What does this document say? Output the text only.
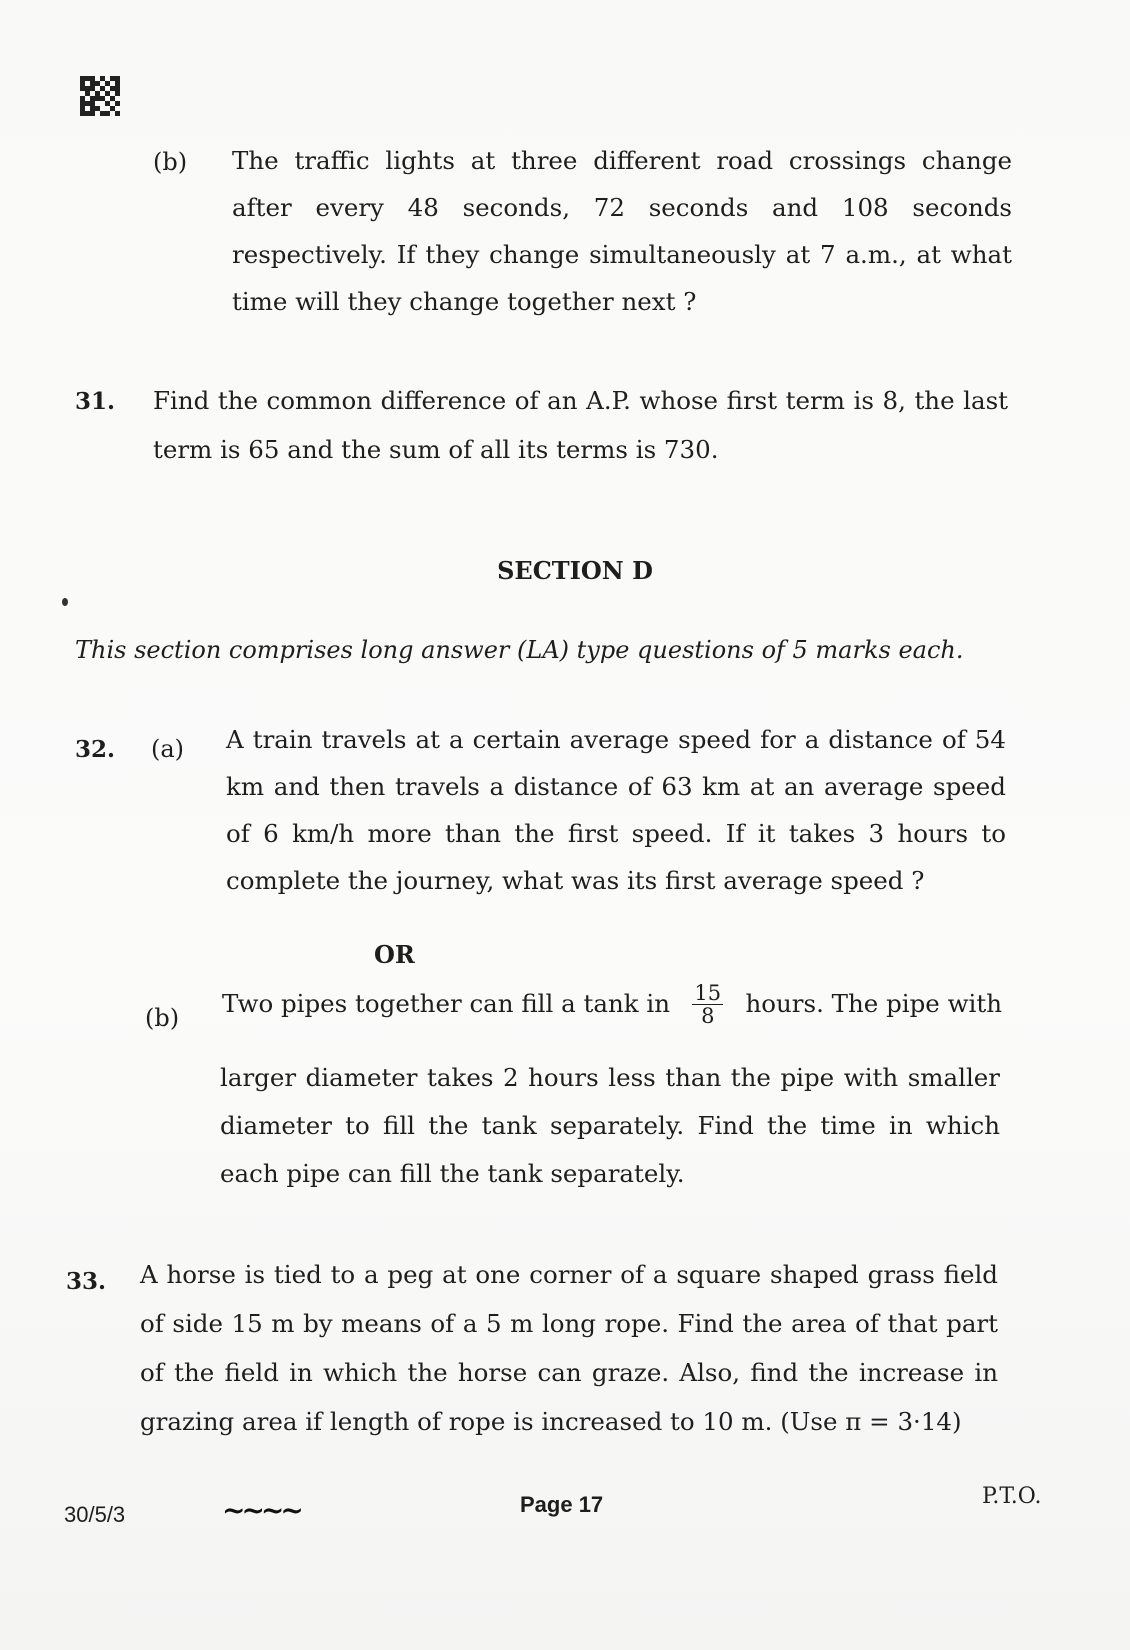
(b) The traffic lights at three different road crossings change after every 48 seconds, 72 seconds and 108 seconds respectively. If they change simultaneously at 7 a.m., at what time will they change together next ?
31. Find the common difference of an A.P. whose first term is 8, the last term is 65 and the sum of all its terms is 730.
SECTION D
This section comprises long answer (LA) type questions of 5 marks each.
32. (a) A train travels at a certain average speed for a distance of 54 km and then travels a distance of 63 km at an average speed of 6 km/h more than the first speed. If it takes 3 hours to complete the journey, what was its first average speed ?
OR
(b) Two pipes together can fill a tank in $\frac{15}{8}$ hours. The pipe with
larger diameter takes 2 hours less than the pipe with smaller diameter to fill the tank separately. Find the time in which each pipe can fill the tank separately.
33. A horse is tied to a peg at one corner of a square shaped grass field of side 15 m by means of a 5 m long rope. Find the area of that part of the field in which the horse can graze. Also, find the increase in grazing area if length of rope is increased to 10 m. (Use π = 3·14)
30/5/3	~~~~	Page 17	P.T.O.
